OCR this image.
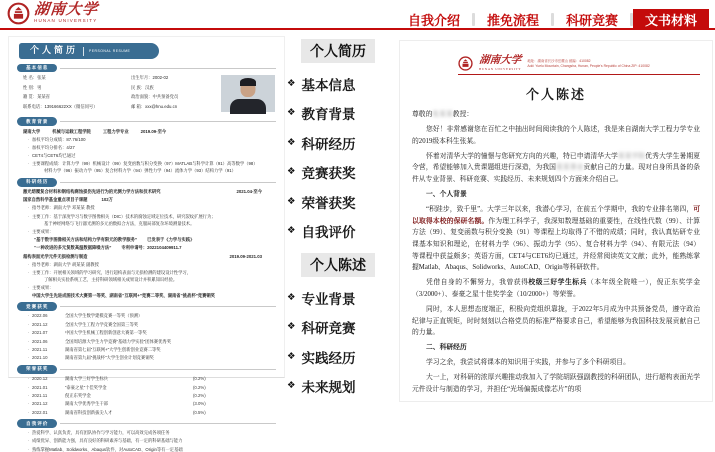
湖南大学
HUNAN UNIVERSITY	自我介绍	推免流程	科研竞赛	文书材料
个人简历	PERSONAL RESUME
基本信息
姓 名：张某
性 别：男
籍 贯：某某省
联系电话：139166622XX（微信同号）
出生年月：2002-02
民 族：汉族
政治面貌：中共预备党员
邮 箱：xxx@hnu.edu.cn
教育背景
湖南大学	机械与运载工程学院	工程力学专业	2019.09-至今
· 加权平均分成绩：87.76/100
· 加权平均分排名：4/27
· CET4与CET6均已通过
· 主要课程成绩：计算力学（99）机械设计（99）复变函数与积分变换（97）MATLAB与科学计算（91）高等数学（98）
材料力学（96）振动力学（95）复合材料力学（94）弹性力学（94）流体力学（93）结构力学（91）
科研经历
激光熔覆复合材料和钢结构腐蚀损伤先进行为的光测力学方法和技术研究	2021.04-至今
国家自然科学基金重点项目子课题	102万
· 指导老师：湖南大学 邓某某 教授
· 主要工作：基于深度学习与数字图像相关（DIC）技术的腐蚀定域定位技术，研究裂纹扩展行为；
基于神经网络与飞行器光测的多元函数拟合方法，克服局部复杂环境测量技术。
· 主要成果：
“基于数字图像相关方法和结构力学有限元的教学服务” 已发表于《力学与实践》
“一种改进的多元复数高温数据降噪方法” 专利申请号：2022104409911.7
超构表面光学元件无损检测与制造	2019.09-2021.03
· 指导老师：湖南大学 胡某某 副教授
· 主要工作：开展相关领域的学习研究，进行超构表面与无损检测的建设设计性学习，
了解相关实验系统工艺，主持科研领域相关成果设计并积累知识经验。
· 主要成果：
中国大学生先进成图技术大赛第一等奖、湖南省“互联网+”竞赛二等奖、湖南省“挑战杯”竞赛铜奖
竞赛获奖
· 2022.06	全国大学生数学建模竞赛一等奖（预测）
· 2021.12	全国大学生工程力学竞赛全国第三等奖
· 2021.07	中国大学生机械工程创新创意大赛第一等奖
· 2021.06	全国周培源大学生力学竞赛“基础力学实验”团体赛优秀奖
· 2021.11	湖南省第七届“互联网+”大学生创新创业竞赛二等奖
· 2021.10	湖南省第九届“挑战杯”大学生创业计划竞赛铜奖
荣誉获奖
· 2020.12	湖南大学三好学生标兵	(0.2%)
· 2021.01	“泰豪之星”十佳奖学金	(0.2%)
· 2021.11	倪正东奖学金	(0.2%)
· 2021.12	湖南大学优秀学生干部	(3.0%)
· 2022.01	湖南省科技创新拔尖人才	(0.5%)
自我评价
· 热爱科学、认真负责，具有团队协作与学习能力，可以高效完成各项任务
· 成绩优异、创新能力强，具有良好的科研素养与基础，有一定的科研基础与能力
· 熟练掌握Matlab、Solidworks、Abaqus软件，对AutoCAD、Origin等有一定基础
个人简历
❖ 基本信息
❖ 教育背景
❖ 科研经历
❖ 竞赛获奖
❖ 荣誉获奖
❖ 自我评价
个人陈述
❖ 专业背景
❖ 科研竞赛
❖ 实践经历
❖ 未来规划
湖南大学
HUNAN UNIVERSITY
地址：湖南省长沙市岳麓山 邮编：410082
Add: Yuelu Mountain, Changsha, Hunan, People's Republic of China ZIP: 410082
个人陈述

尊敬的张某某教授：

您好！非常感谢您在百忙之中抽出时间阅读我的个人陈述，我是来自湖南大学工程力学专业的2019级本科生张某。

怀着对清华大学的憧憬与您研究方向的兴趣，特已申请清华大学某某学院优秀大学生暑期夏令营，希望能够加入贵课题组进行深造，为我国某某事业贡献自己的力量。现对自身所具备的条件从专业背景、科研竞赛、实践经历、未来规划四个方面来介绍自己。

一、个人背景

“积跬步，致千里”。大学三年以来，我潜心学习，在前五个学期中，我的专业排名第四，可以取得本校的保研名额。作为理工科学子，我深知数理基础的重要性，在线性代数（99）、计算方法（99）、复变函数与积分变换（91）等课程上均取得了不错的成绩；同时，我认真钻研专业课基本知识和理论，在材料力学（96）、振动力学（95）、复合材料力学（94）、有限元法（94）等课程中获益颇多；英语方面，CET4与CET6均已通过，并经常阅读英文文献；此外，能熟练掌握Matlab、Abaqus、Solidworks、AutoCAD、Origin等科研软件。

凭借自身的不懈努力，我曾获得校级三好学生标兵（本年级全院唯一），倪正东奖学金（3/2000+）、泰豪之星十佳奖学金（10/2000+）等荣誉。

同时，本人思想态度端正，积极向党组织靠拢，于2022年5月成为中共预备党员，遵守政治纪律与正直规矩，时时刻刻以合格党员的标准严格要求自己，希望能够为我国科技发展贡献自己的力量。

二、科研经历

学习之余，我尝试将课本的知识用于实践，并参与了多个科研项目。

大一上，对科研的浓厚兴趣推动我加入了学院胡跃强副教授的科研团队，进行超构表面光学元件设计与制造的学习，并担任“光场偏振成像芯片”的项
